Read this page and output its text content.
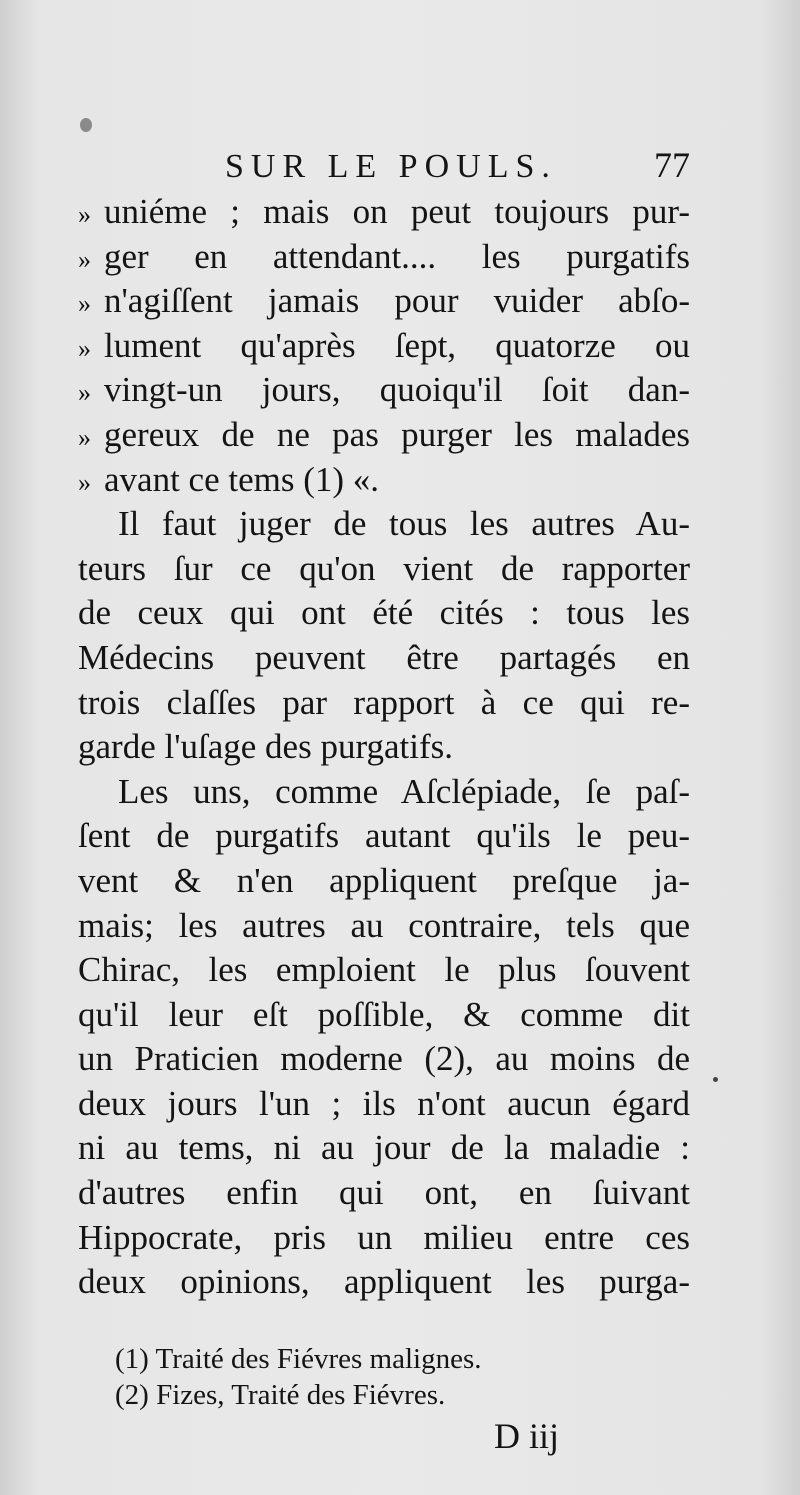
SUR LE POULS.	77
» uniéme ; mais on peut toujours pur-
» ger en attendant.... les purgatifs
» n'agiſſent jamais pour vuider abſo-
» lument qu'après ſept, quatorze ou
» vingt-un jours, quoiqu'il ſoit dan-
» gereux de ne pas purger les malades
» avant ce tems (1) «.
Il faut juger de tous les autres Au-
teurs ſur ce qu'on vient de rapporter
de ceux qui ont été cités : tous les
Médecins peuvent être partagés en
trois claſſes par rapport à ce qui re-
garde l'uſage des purgatifs.
Les uns, comme Aſclépiade, ſe paſ-
ſent de purgatifs autant qu'ils le peu-
vent & n'en appliquent preſque ja-
mais; les autres au contraire, tels que
Chirac, les emploient le plus ſouvent
qu'il leur eſt poſſible, & comme dit
un Praticien moderne (2), au moins de
deux jours l'un ; ils n'ont aucun égard
ni au tems, ni au jour de la maladie :
d'autres enfin qui ont, en ſuivant
Hippocrate, pris un milieu entre ces
deux opinions, appliquent les purga-
(1) Traité des Fiévres malignes.
(2) Fizes, Traité des Fiévres.
D iij
